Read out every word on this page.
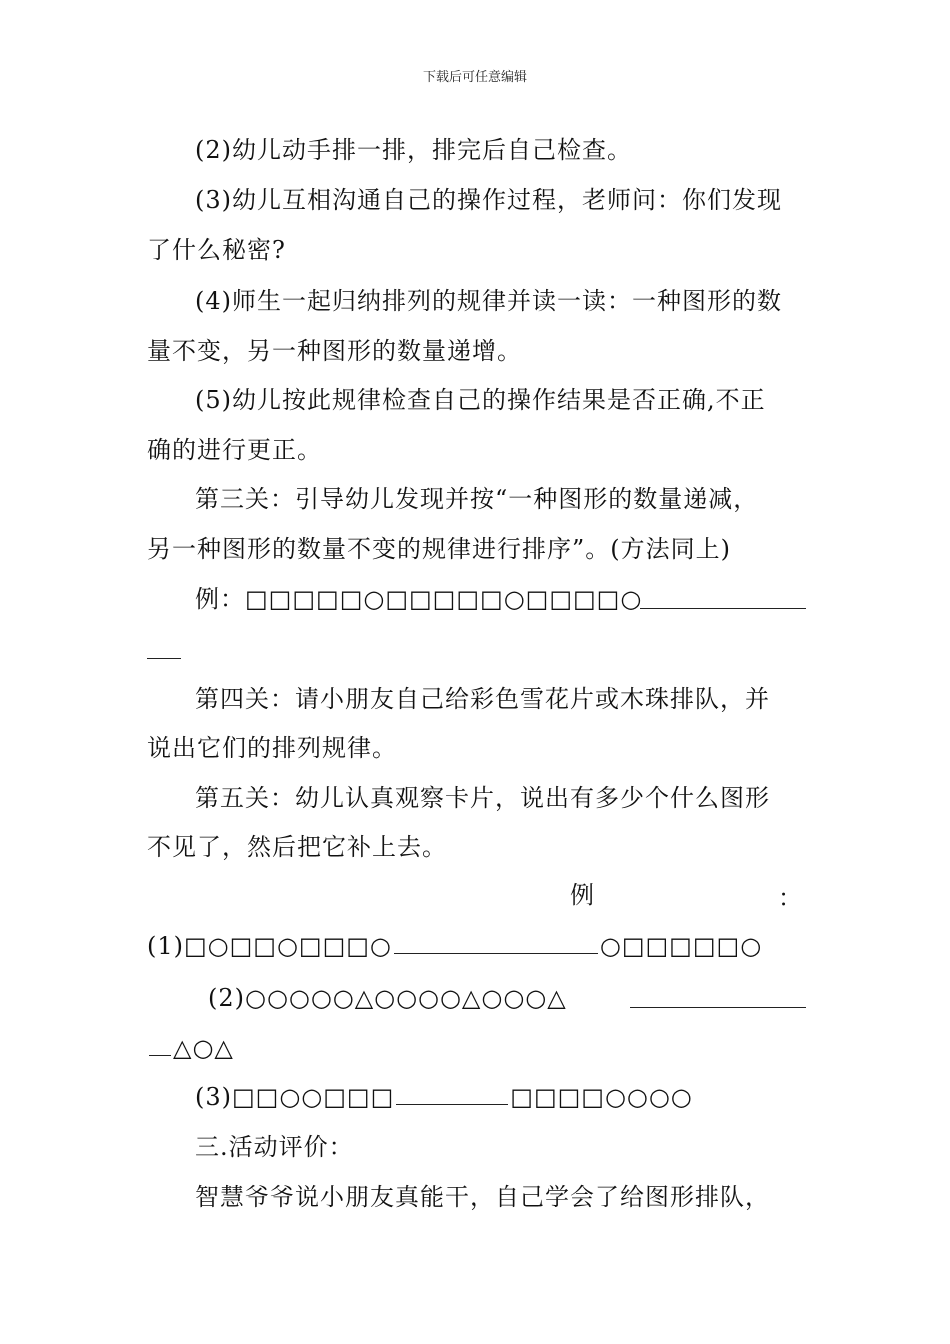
下载后可任意编辑
(2)幼儿动手排一排，排完后自己检查。
(3)幼儿互相沟通自己的操作过程，老师问：你们发现
了什么秘密?
(4)师生一起归纳排列的规律并读一读：一种图形的数
量不变，另一种图形的数量递增。
(5)幼儿按此规律检查自己的操作结果是否正确,不正
确的进行更正。
第三关：引导幼儿发现并按“一种图形的数量递减，
另一种图形的数量不变的规律进行排序”。(方法同上)
例：□□□□□○□□□□□○□□□□○
第四关：请小朋友自己给彩色雪花片或木珠排队，并
说出它们的排列规律。
第五关：幼儿认真观察卡片，说出有多少个什么图形
不见了，然后把它补上去。
例	：
(1)□○□□○□□□○	○□□□□□○
(2)○○○○○△○○○○△○○○△
△○△
(3)□□○○□□□	□□□□○○○○
三.活动评价：
智慧爷爷说小朋友真能干，自己学会了给图形排队，
